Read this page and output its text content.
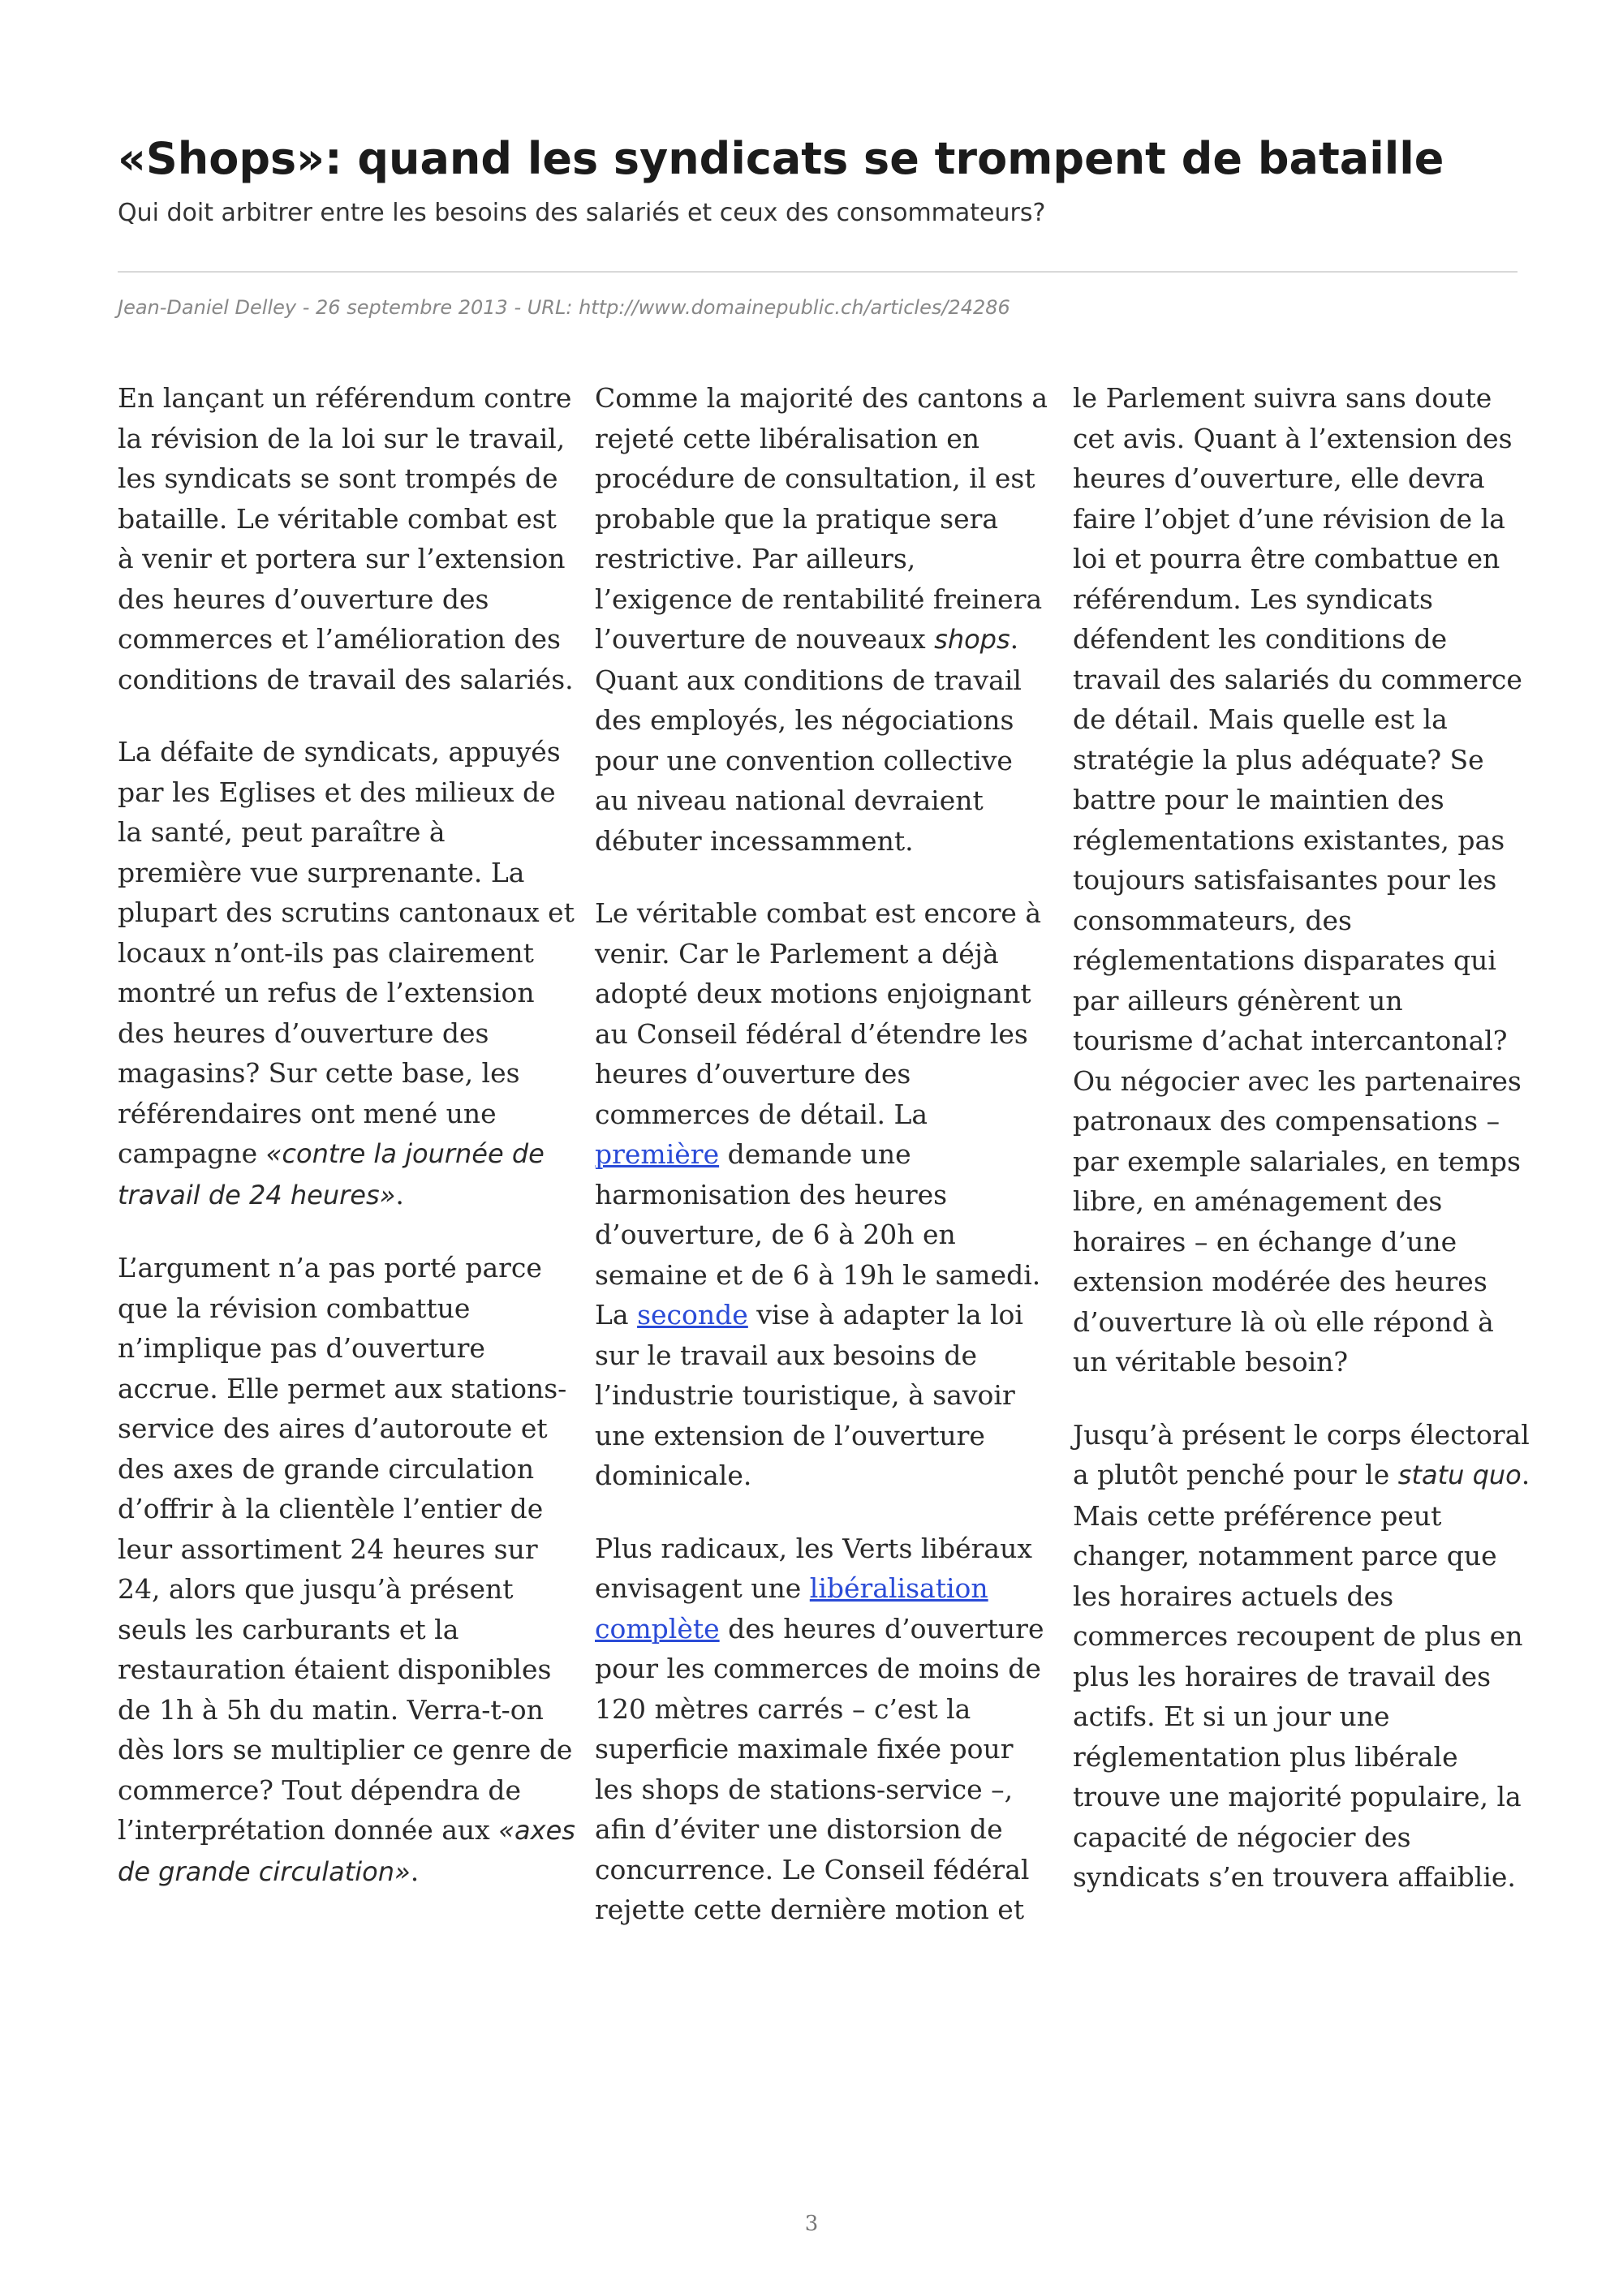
«Shops»: quand les syndicats se trompent de bataille

Qui doit arbitrer entre les besoins des salariés et ceux des consommateurs?

Jean-Daniel Delley - 26 septembre 2013 - URL: http://www.domainepublic.ch/articles/24286

En lançant un référendum contre la révision de la loi sur le travail, les syndicats se sont trompés de bataille. Le véritable combat est à venir et portera sur l’extension des heures d’ouverture des commerces et l’amélioration des conditions de travail des salariés.

La défaite de syndicats, appuyés par les Eglises et des milieux de la santé, peut paraître à première vue surprenante. La plupart des scrutins cantonaux et locaux n’ont-ils pas clairement montré un refus de l’extension des heures d’ouverture des magasins? Sur cette base, les référendaires ont mené une campagne «contre la journée de travail de 24 heures».

L’argument n’a pas porté parce que la révision combattue n’implique pas d’ouverture accrue. Elle permet aux stations-service des aires d’autoroute et des axes de grande circulation d’offrir à la clientèle l’entier de leur assortiment 24 heures sur 24, alors que jusqu’à présent seuls les carburants et la restauration étaient disponibles de 1h à 5h du matin. Verra-t-on dès lors se multiplier ce genre de commerce? Tout dépendra de l’interprétation donnée aux «axes de grande circulation».

Comme la majorité des cantons a rejeté cette libéralisation en procédure de consultation, il est probable que la pratique sera restrictive. Par ailleurs, l’exigence de rentabilité freinera l’ouverture de nouveaux shops. Quant aux conditions de travail des employés, les négociations pour une convention collective au niveau national devraient débuter incessamment.

Le véritable combat est encore à venir. Car le Parlement a déjà adopté deux motions enjoignant au Conseil fédéral d’étendre les heures d’ouverture des commerces de détail. La première demande une harmonisation des heures d’ouverture, de 6 à 20h en semaine et de 6 à 19h le samedi. La seconde vise à adapter la loi sur le travail aux besoins de l’industrie touristique, à savoir une extension de l’ouverture dominicale.

Plus radicaux, les Verts libéraux envisagent une libéralisation complète des heures d’ouverture pour les commerces de moins de 120 mètres carrés – c’est la superficie maximale fixée pour les shops de stations-service –, afin d’éviter une distorsion de concurrence. Le Conseil fédéral rejette cette dernière motion et

le Parlement suivra sans doute cet avis. Quant à l’extension des heures d’ouverture, elle devra faire l’objet d’une révision de la loi et pourra être combattue en référendum. Les syndicats défendent les conditions de travail des salariés du commerce de détail. Mais quelle est la stratégie la plus adéquate? Se battre pour le maintien des réglementations existantes, pas toujours satisfaisantes pour les consommateurs, des réglementations disparates qui par ailleurs génèrent un tourisme d’achat intercantonal? Ou négocier avec les partenaires patronaux des compensations – par exemple salariales, en temps libre, en aménagement des horaires – en échange d’une extension modérée des heures d’ouverture là où elle répond à un véritable besoin?

Jusqu’à présent le corps électoral a plutôt penché pour le statu quo. Mais cette préférence peut changer, notamment parce que les horaires actuels des commerces recoupent de plus en plus les horaires de travail des actifs. Et si un jour une réglementation plus libérale trouve une majorité populaire, la capacité de négocier des syndicats s’en trouvera affaiblie.

3
